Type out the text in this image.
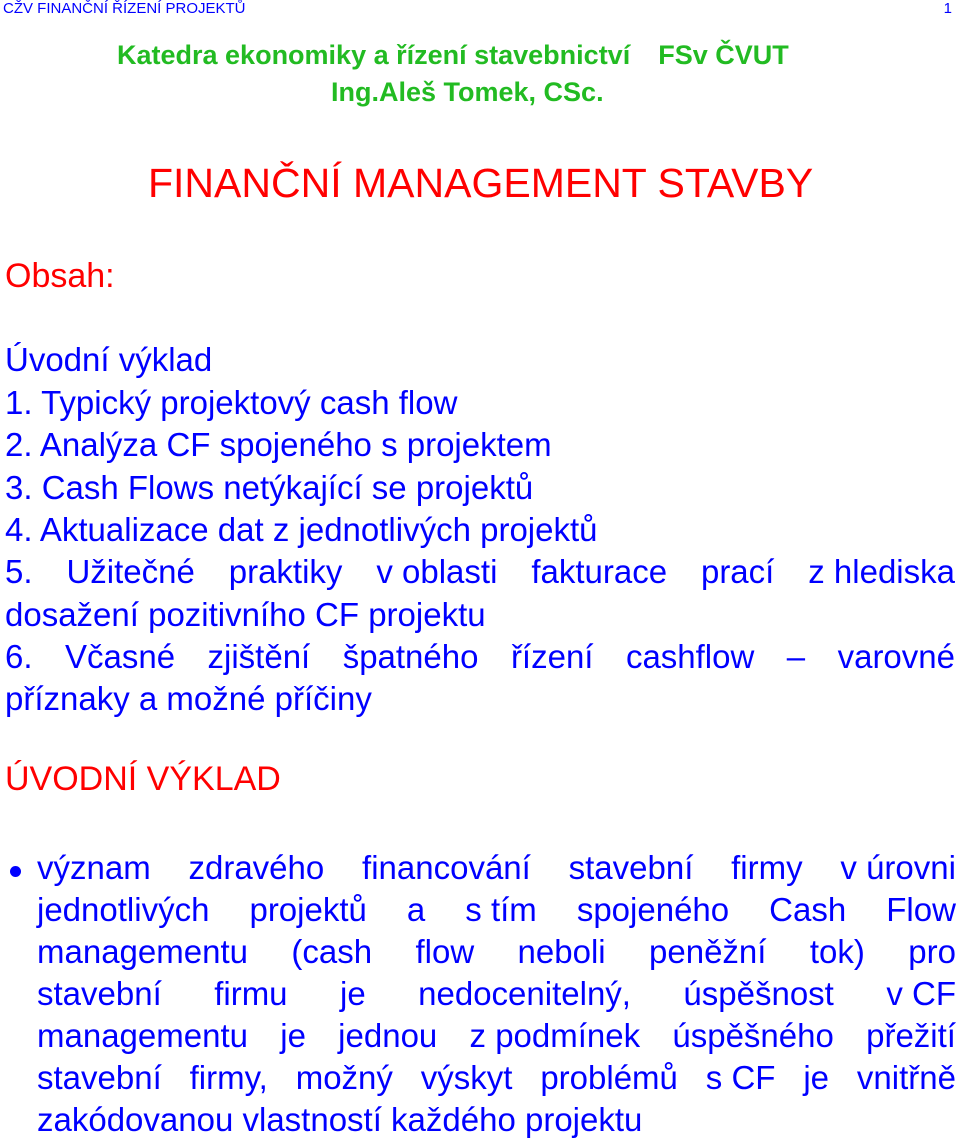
CŽV FINANČNÍ ŘÍZENÍ PROJEKTŮ	1

Katedra ekonomiky a řízení stavebnictví FSv ČVUT

Ing.Aleš Tomek, CSc.

FINANČNÍ MANAGEMENT STAVBY

Obsah:

Úvodní výklad

1. Typický projektový cash flow

2. Analýza CF spojeného s projektem

3. Cash Flows netýkající se projektů

4. Aktualizace dat z jednotlivých projektů

5. Užitečné praktiky v oblasti fakturace prací z hlediska

dosažení pozitivního CF projektu

6. Včasné zjištění špatného řízení cashflow – varovné

příznaky a možné příčiny

ÚVODNÍ VÝKLAD

význam zdravého financování stavební firmy v úrovni
jednotlivých projektů a s tím spojeného Cash Flow
managementu (cash flow neboli peněžní tok) pro
stavební firmu je nedocenitelný, úspěšnost v CF
managementu je jednou z podmínek úspěšného přežití
stavební firmy, možný výskyt problémů s CF je vnitřně

zakódovanou vlastností každého projektu
